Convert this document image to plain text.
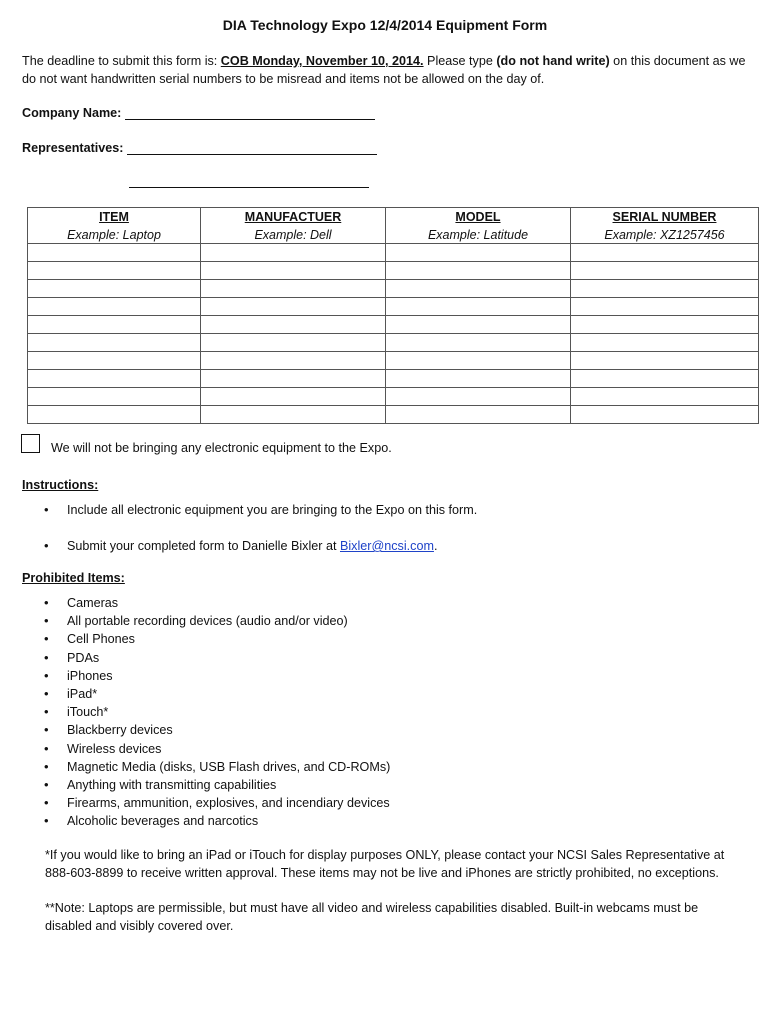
DIA Technology Expo 12/4/2014 Equipment Form
The deadline to submit this form is: COB Monday, November 10, 2014. Please type (do not hand write) on this document as we do not want handwritten serial numbers to be misread and items not be allowed on the day of.
Company Name:
Representatives:
ITEM	MANUFACTUER	MODEL	SERIAL NUMBER
Example: Laptop	Example: Dell	Example: Latitude	Example: XZ1257456

We will not be bringing any electronic equipment to the Expo.
Instructions:
• Include all electronic equipment you are bringing to the Expo on this form.
• Submit your completed form to Danielle Bixler at Bixler@ncsi.com.
Prohibited Items:
• Cameras
• All portable recording devices (audio and/or video)
• Cell Phones
• PDAs
• iPhones
• iPad*
• iTouch*
• Blackberry devices
• Wireless devices
• Magnetic Media (disks, USB Flash drives, and CD-ROMs)
• Anything with transmitting capabilities
• Firearms, ammunition, explosives, and incendiary devices
• Alcoholic beverages and narcotics
*If you would like to bring an iPad or iTouch for display purposes ONLY, please contact your NCSI Sales Representative at 888-603-8899 to receive written approval. These items may not be live and iPhones are strictly prohibited, no exceptions.
**Note: Laptops are permissible, but must have all video and wireless capabilities disabled. Built-in webcams must be disabled and visibly covered over.
